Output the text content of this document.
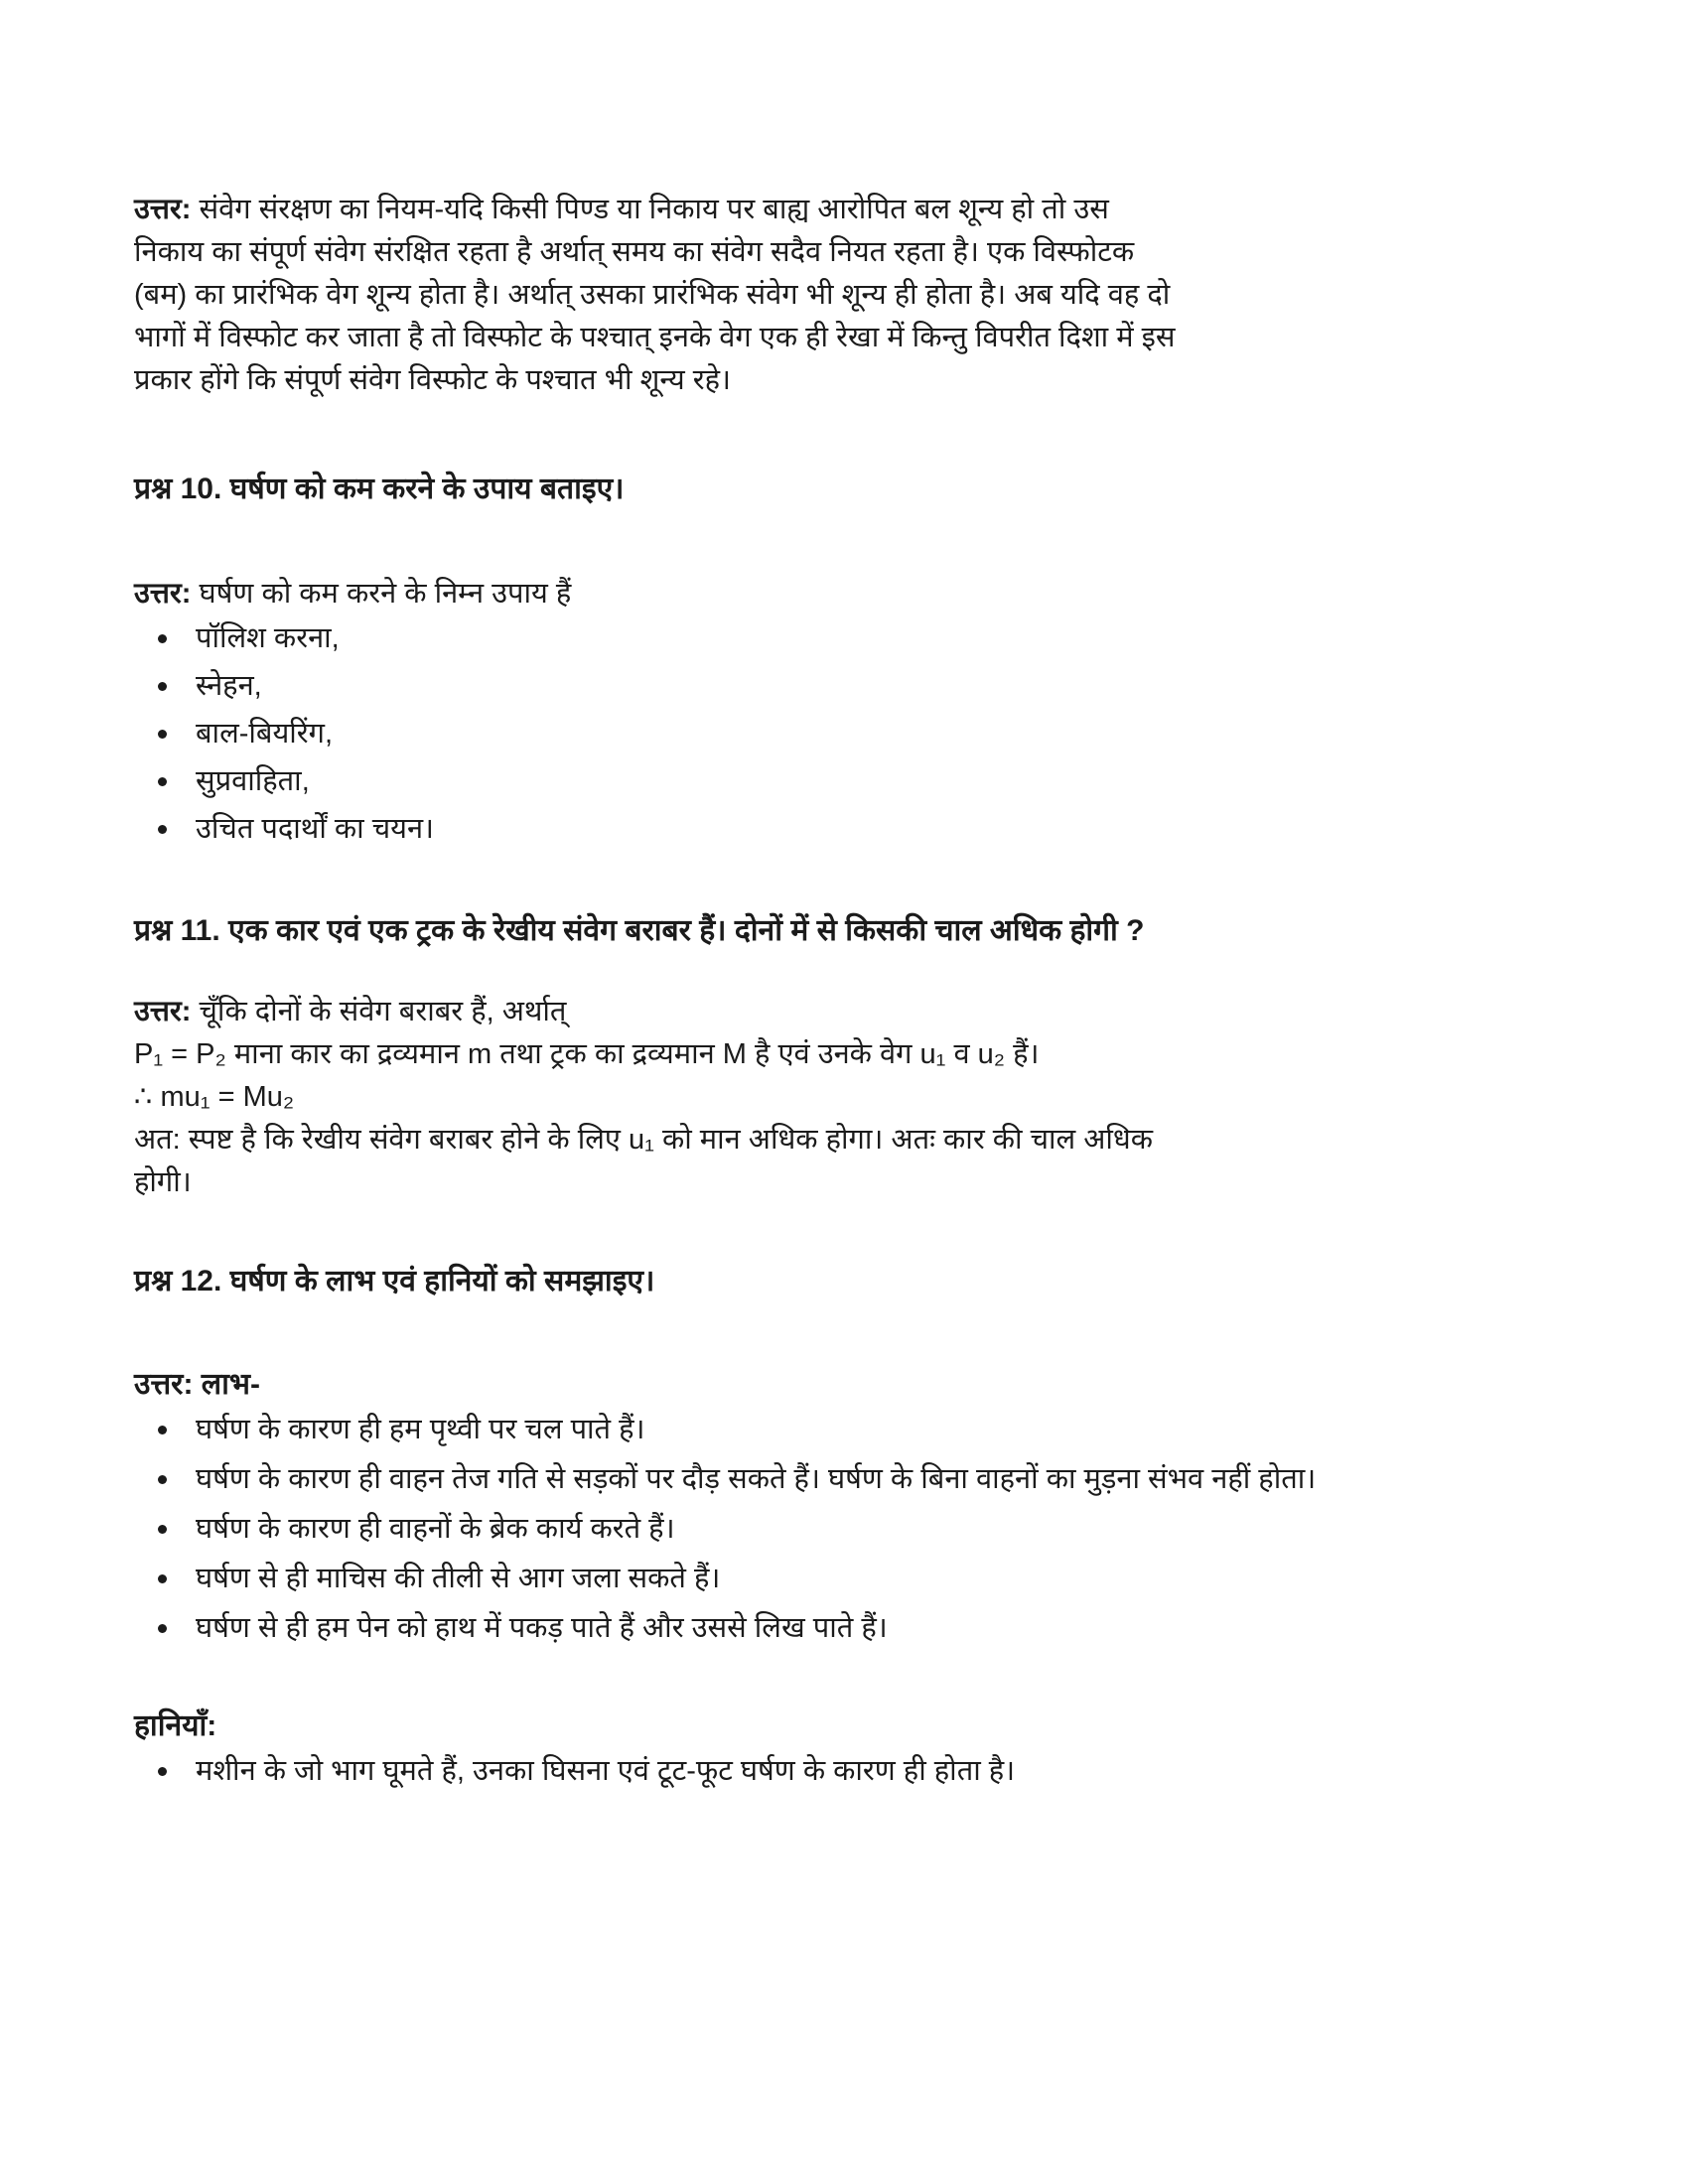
उत्तर: संवेग संरक्षण का नियम-यदि किसी पिण्ड या निकाय पर बाह्य आरोपित बल शून्य हो तो उस
निकाय का संपूर्ण संवेग संरक्षित रहता है अर्थात् समय का संवेग सदैव नियत रहता है। एक विस्फोटक
(बम) का प्रारंभिक वेग शून्य होता है। अर्थात् उसका प्रारंभिक संवेग भी शून्य ही होता है। अब यदि वह दो
भागों में विस्फोट कर जाता है तो विस्फोट के पश्चात् इनके वेग एक ही रेखा में किन्तु विपरीत दिशा में इस
प्रकार होंगे कि संपूर्ण संवेग विस्फोट के पश्चात भी शून्य रहे।
प्रश्न 10. घर्षण को कम करने के उपाय बताइए।
उत्तर: घर्षण को कम करने के निम्न उपाय हैं
पॉलिश करना,
स्नेहन,
बाल-बियरिंग,
सुप्रवाहिता,
उचित पदार्थों का चयन।
प्रश्न 11. एक कार एवं एक ट्रक के रेखीय संवेग बराबर हैं। दोनों में से किसकी चाल अधिक होगी ?
उत्तर: चूँकि दोनों के संवेग बराबर हैं, अर्थात्
P₁ = P₂ माना कार का द्रव्यमान m तथा ट्रक का द्रव्यमान M है एवं उनके वेग u₁ व u₂ हैं।
∴ mu₁ = Mu₂
अत: स्पष्ट है कि रेखीय संवेग बराबर होने के लिए u₁ को मान अधिक होगा। अतः कार की चाल अधिक
होगी।
प्रश्न 12. घर्षण के लाभ एवं हानियों को समझाइए।
उत्तर: लाभ-
घर्षण के कारण ही हम पृथ्वी पर चल पाते हैं।
घर्षण के कारण ही वाहन तेज गति से सड़कों पर दौड़ सकते हैं। घर्षण के बिना वाहनों का मुड़ना संभव नहीं होता।
घर्षण के कारण ही वाहनों के ब्रेक कार्य करते हैं।
घर्षण से ही माचिस की तीली से आग जला सकते हैं।
घर्षण से ही हम पेन को हाथ में पकड़ पाते हैं और उससे लिख पाते हैं।
हानियाँ:
मशीन के जो भाग घूमते हैं, उनका घिसना एवं टूट-फूट घर्षण के कारण ही होता है।
